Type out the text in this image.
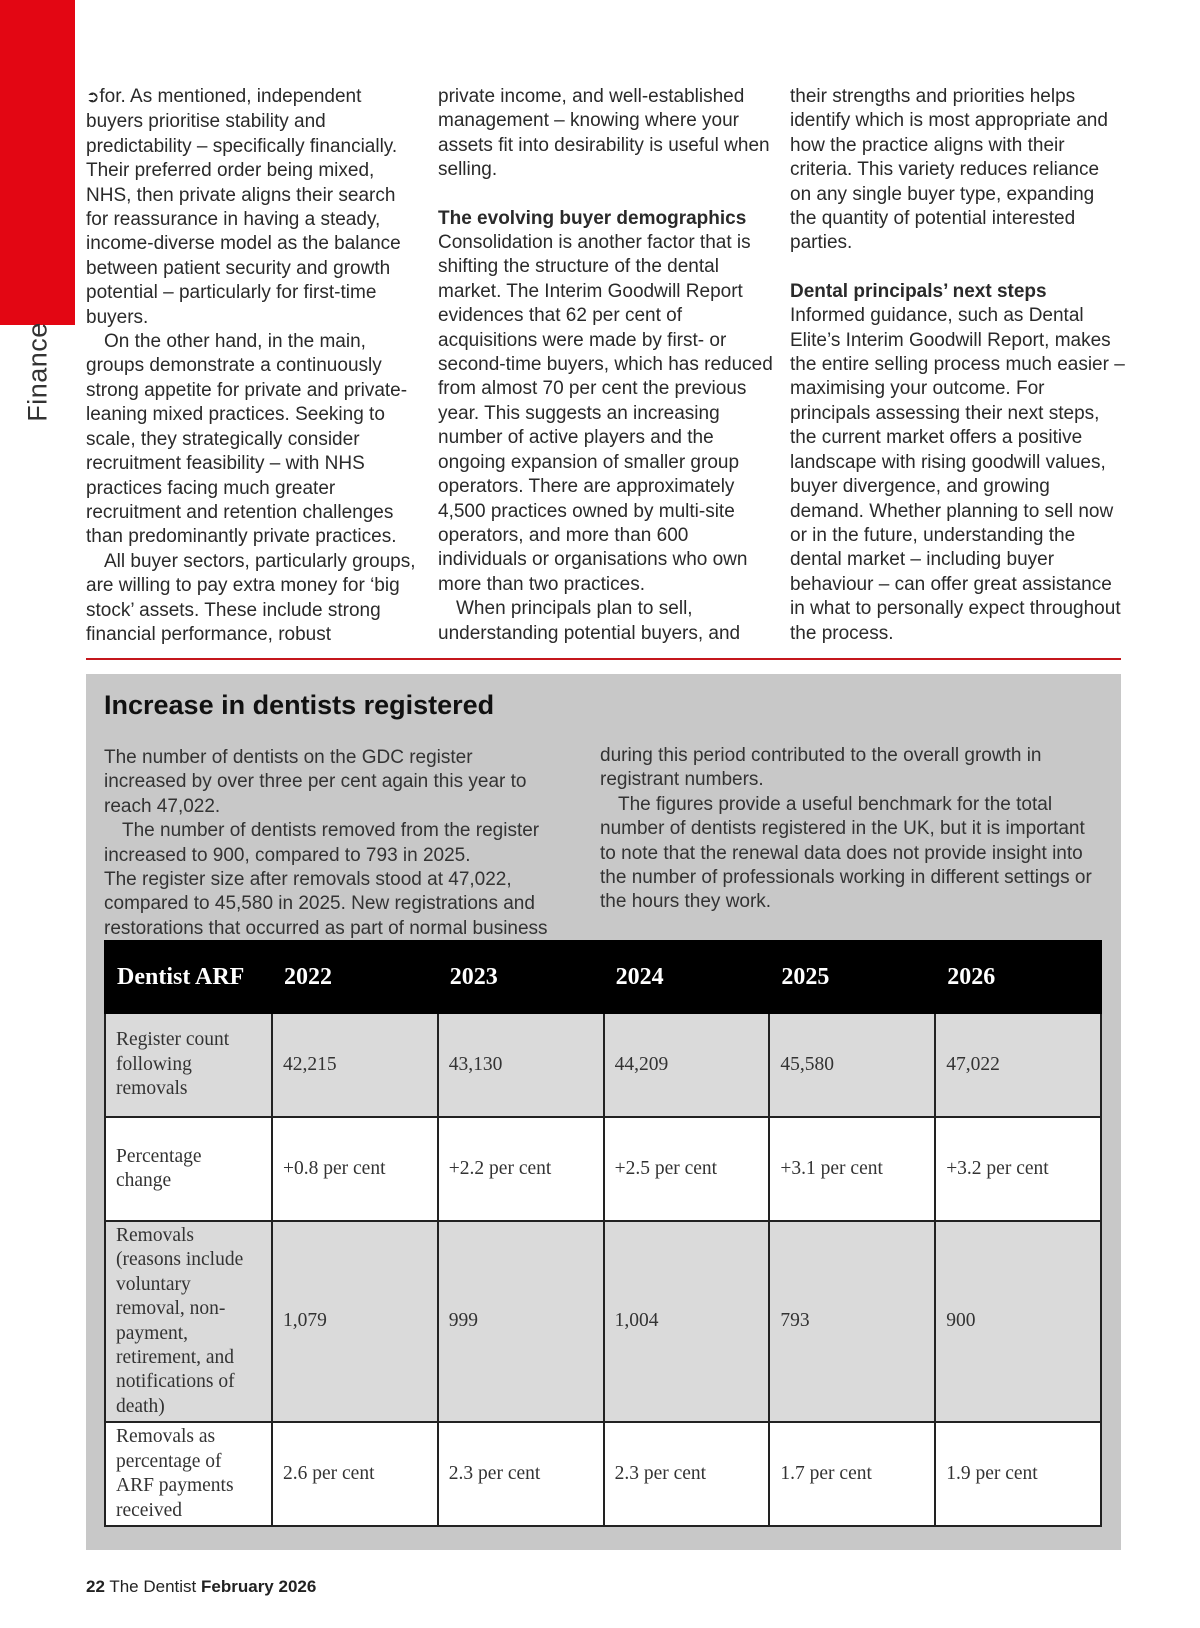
Finance

➲for. As mentioned, independent buyers prioritise stability and predictability – specifically financially. Their preferred order being mixed, NHS, then private aligns their search for reassurance in having a steady, income-diverse model as the balance between patient security and growth potential – particularly for first-time buyers.

On the other hand, in the main, groups demonstrate a continuously strong appetite for private and private-leaning mixed practices. Seeking to scale, they strategically consider recruitment feasibility – with NHS practices facing much greater recruitment and retention challenges than predominantly private practices.

All buyer sectors, particularly groups, are willing to pay extra money for ‘big stock’ assets. These include strong financial performance, robust

private income, and well-established management – knowing where your assets fit into desirability is useful when selling.

The evolving buyer demographics

Consolidation is another factor that is shifting the structure of the dental market. The Interim Goodwill Report evidences that 62 per cent of acquisitions were made by first- or second-time buyers, which has reduced from almost 70 per cent the previous year. This suggests an increasing number of active players and the ongoing expansion of smaller group operators. There are approximately 4,500 practices owned by multi-site operators, and more than 600 individuals or organisations who own more than two practices.

When principals plan to sell, understanding potential buyers, and

their strengths and priorities helps identify which is most appropriate and how the practice aligns with their criteria. This variety reduces reliance on any single buyer type, expanding the quantity of potential interested parties.

Dental principals’ next steps

Informed guidance, such as Dental Elite’s Interim Goodwill Report, makes the entire selling process much easier – maximising your outcome. For principals assessing their next steps, the current market offers a positive landscape with rising goodwill values, buyer divergence, and growing demand. Whether planning to sell now or in the future, understanding the dental market – including buyer behaviour – can offer great assistance in what to personally expect throughout the process.

Increase in dentists registered

The number of dentists on the GDC register increased by over three per cent again this year to reach 47,022.

The number of dentists removed from the register increased to 900, compared to 793 in 2025.

The register size after removals stood at 47,022, compared to 45,580 in 2025. New registrations and restorations that occurred as part of normal business

during this period contributed to the overall growth in registrant numbers.

The figures provide a useful benchmark for the total number of dentists registered in the UK, but it is important to note that the renewal data does not provide insight into the number of professionals working in different settings or the hours they work.

Dentist ARF	2022	2023	2024	2025	2026
Register count following removals	42,215	43,130	44,209	45,580	47,022
Percentage change	+0.8 per cent	+2.2 per cent	+2.5 per cent	+3.1 per cent	+3.2 per cent
Removals (reasons include voluntary removal, non-payment, retirement, and notifications of death)	1,079	999	1,004	793	900
Removals as percentage of ARF payments received	2.6 per cent	2.3 per cent	2.3 per cent	1.7 per cent	1.9 per cent
22 The Dentist February 2026
